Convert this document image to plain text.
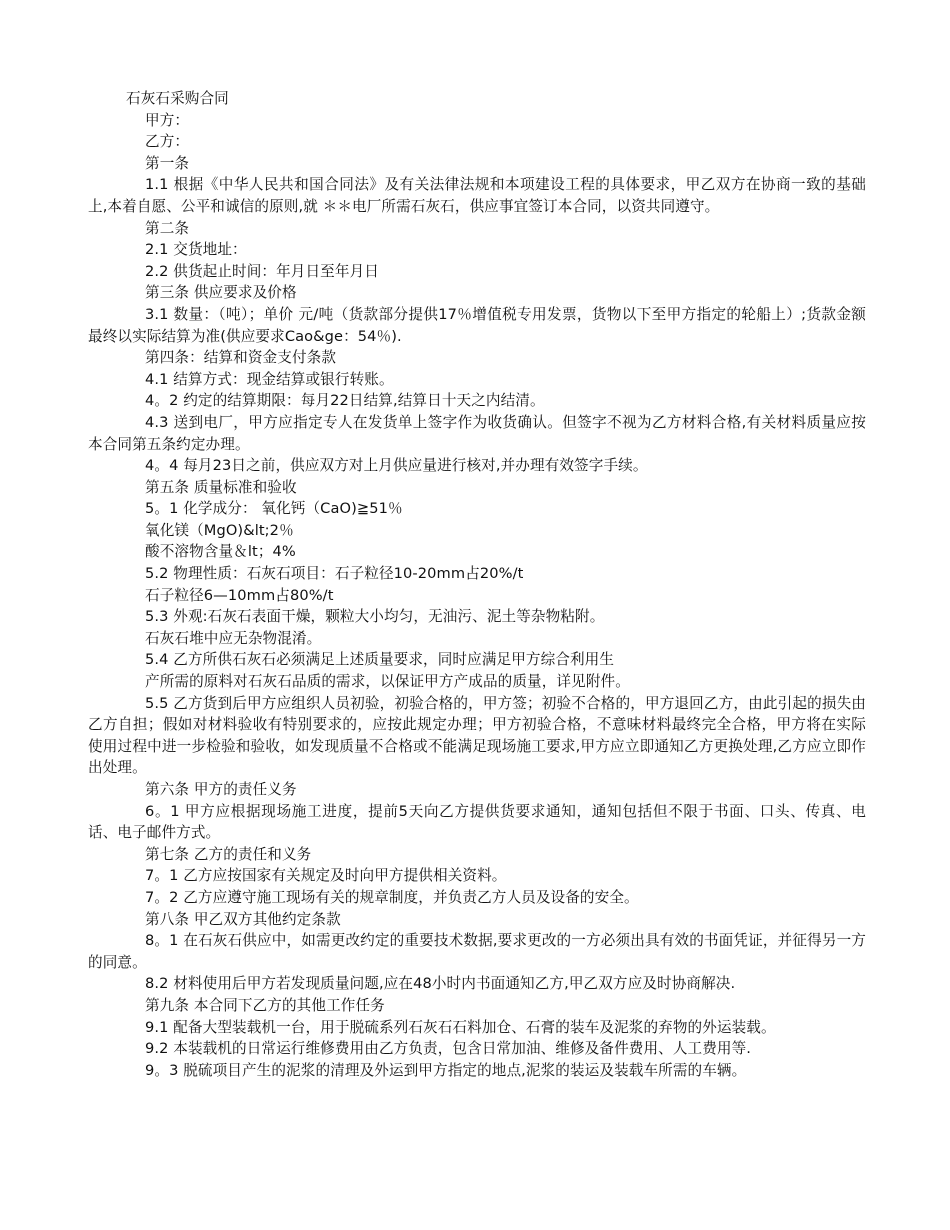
石灰石采购合同

甲方：

乙方：

第一条

1.1 根据《中华人民共和国合同法》及有关法律法规和本项建设工程的具体要求，甲乙双方在协商一致的基础上,本着自愿、公平和诚信的原则,就 ＊＊电厂所需石灰石，供应事宜签订本合同，以资共同遵守。

第二条

2.1 交货地址：

2.2 供货起止时间：年月日至年月日

第三条 供应要求及价格

3.1 数量：（吨）；单价 元/吨（货款部分提供17％增值税专用发票，货物以下至甲方指定的轮船上）;货款金额最终以实际结算为准(供应要求Cao&ge：54％).

第四条：结算和资金支付条款

4.1 结算方式：现金结算或银行转账。

4。2 约定的结算期限：每月22日结算,结算日十天之内结清。

4.3 送到电厂，甲方应指定专人在发货单上签字作为收货确认。但签字不视为乙方材料合格,有关材料质量应按本合同第五条约定办理。

4。4 每月23日之前，供应双方对上月供应量进行核对,并办理有效签字手续。

第五条 质量标准和验收

5。1 化学成分： 氧化钙（CaO)≧51％

氧化镁（MgO)&lt;2％

酸不溶物含量＆lt；4%

5.2 物理性质：石灰石项目：石子粒径10-20mm占20%/t

石子粒径6—10mm占80%/t

5.3 外观:石灰石表面干燥，颗粒大小均匀，无油污、泥土等杂物粘附。

石灰石堆中应无杂物混淆。

5.4 乙方所供石灰石必须满足上述质量要求，同时应满足甲方综合利用生

产所需的原料对石灰石品质的需求，以保证甲方产成品的质量，详见附件。

5.5 乙方货到后甲方应组织人员初验，初验合格的，甲方签；初验不合格的，甲方退回乙方，由此引起的损失由乙方自担；假如对材料验收有特别要求的，应按此规定办理；甲方初验合格，不意味材料最终完全合格，甲方将在实际使用过程中进一步检验和验收，如发现质量不合格或不能满足现场施工要求,甲方应立即通知乙方更换处理,乙方应立即作出处理。

第六条 甲方的责任义务

6。1 甲方应根据现场施工进度，提前5天向乙方提供货要求通知，通知包括但不限于书面、口头、传真、电话、电子邮件方式。

第七条 乙方的责任和义务

7。1 乙方应按国家有关规定及时向甲方提供相关资料。

7。2 乙方应遵守施工现场有关的规章制度，并负责乙方人员及设备的安全。

第八条 甲乙双方其他约定条款

8。1 在石灰石供应中，如需更改约定的重要技术数据,要求更改的一方必须出具有效的书面凭证，并征得另一方的同意。

8.2 材料使用后甲方若发现质量问题,应在48小时内书面通知乙方,甲乙双方应及时协商解决.

第九条 本合同下乙方的其他工作任务

9.1 配备大型装载机一台，用于脱硫系列石灰石石料加仓、石膏的装车及泥浆的弃物的外运装载。

9.2 本装载机的日常运行维修费用由乙方负责，包含日常加油、维修及备件费用、人工费用等.

9。3 脱硫项目产生的泥浆的清理及外运到甲方指定的地点,泥浆的装运及装载车所需的车辆。
